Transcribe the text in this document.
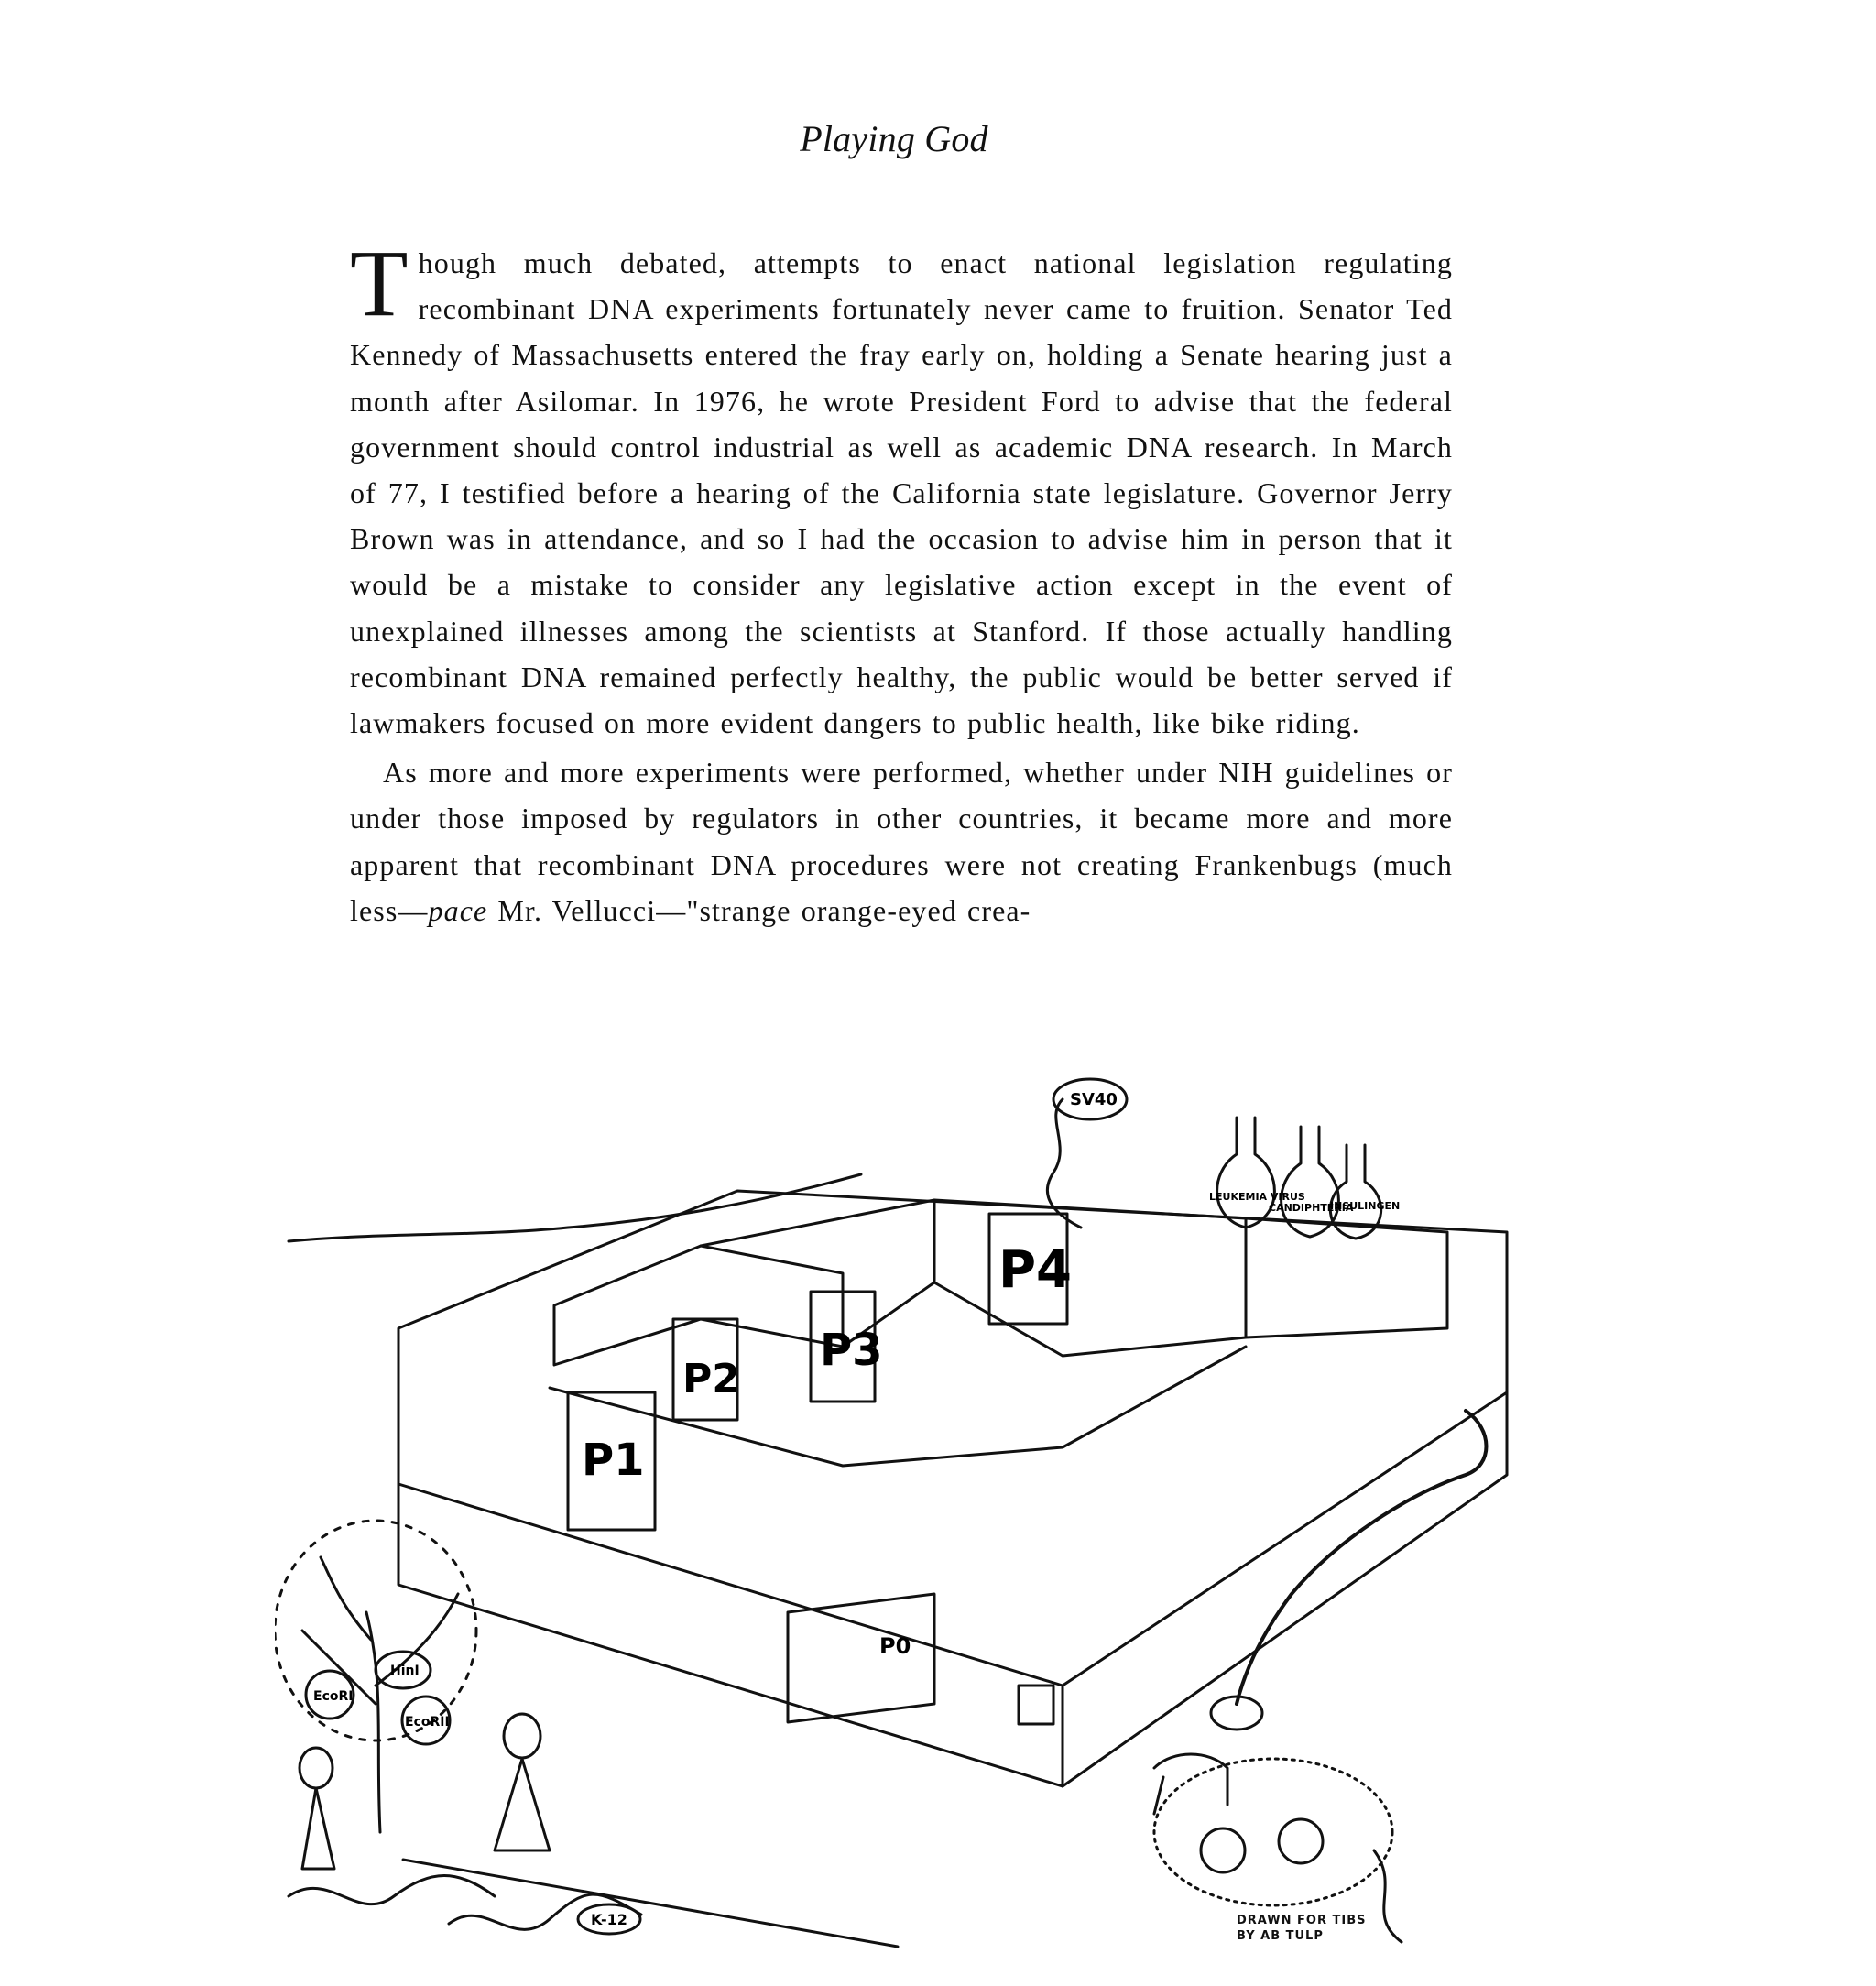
Playing God

Though much debated, attempts to enact national legislation regulating recombinant DNA experiments fortunately never came to fruition. Senator Ted Kennedy of Massachusetts entered the fray early on, holding a Senate hearing just a month after Asilomar. In 1976, he wrote President Ford to advise that the federal government should control industrial as well as academic DNA research. In March of 77, I testified before a hearing of the California state legislature. Governor Jerry Brown was in attendance, and so I had the occasion to advise him in person that it would be a mistake to consider any legislative action except in the event of unexplained illnesses among the scientists at Stanford. If those actually handling recombinant DNA remained perfectly healthy, the public would be better served if lawmakers focused on more evident dangers to public health, like bike riding.

As more and more experiments were performed, whether under NIH guidelines or under those imposed by regulators in other countries, it became more and more apparent that recombinant DNA procedures were not creating Frankenbugs (much less—pace Mr. Vellucci—"strange orange-eyed crea-

P1
P2
P3
P4
P0
SV40
LEUKEMIA VIRUS
CANDIPHTERIA
INSULINGEN
EcoRI
HinI
EcoRII
K-12	DRAWN FOR TIBS
BY AB TULP
